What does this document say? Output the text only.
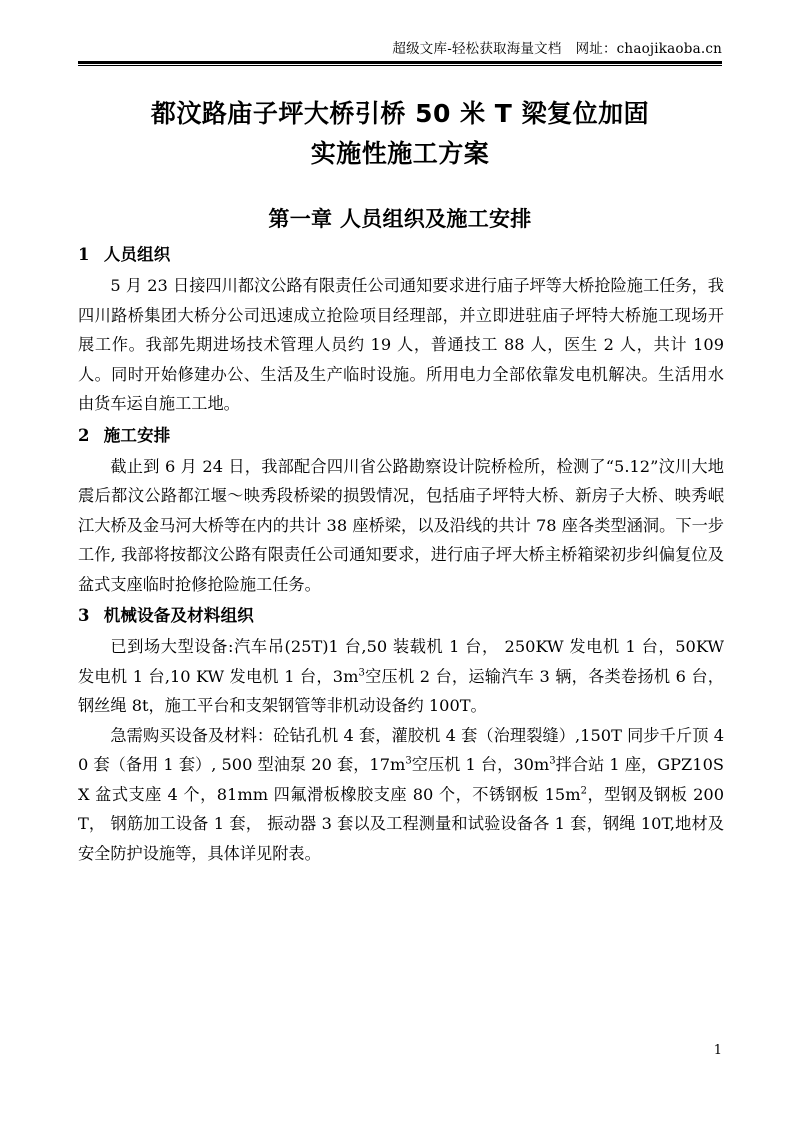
超级文库-轻松获取海量文档 网址：chaojikaoba.cn
都汶路庙子坪大桥引桥 50 米 T 梁复位加固
实施性施工方案
第一章 人员组织及施工安排
1 人员组织

5 月 23 日接四川都汶公路有限责任公司通知要求进行庙子坪等大桥抢险施工任务，我四川路桥集团大桥分公司迅速成立抢险项目经理部，并立即进驻庙子坪特大桥施工现场开展工作。我部先期进场技术管理人员约 19 人，普通技工 88 人，医生 2 人，共计 109 人。同时开始修建办公、生活及生产临时设施。所用电力全部依靠发电机解决。生活用水由货车运自施工工地。

2 施工安排

截止到 6 月 24 日，我部配合四川省公路勘察设计院桥检所，检测了“5.12”汶川大地震后都汶公路都江堰～映秀段桥梁的损毁情况，包括庙子坪特大桥、新房子大桥、映秀岷江大桥及金马河大桥等在内的共计 38 座桥梁，以及沿线的共计 78 座各类型涵洞。下一步工作, 我部将按都汶公路有限责任公司通知要求，进行庙子坪大桥主桥箱梁初步纠偏复位及盆式支座临时抢修抢险施工任务。

3 机械设备及材料组织

已到场大型设备:汽车吊(25T)1 台,50 装载机 1 台， 250KW 发电机 1 台，50KW 发电机 1 台,10 KW 发电机 1 台，$3m^3$空压机 2 台，运输汽车 3 辆，各类卷扬机 6 台，钢丝绳 8t，施工平台和支架钢管等非机动设备约 100T。

急需购买设备及材料：砼钻孔机 4 套，灌胶机 4 套（治理裂缝）,150T 同步千斤顶 40 套（备用 1 套）, 500 型油泵 20 套，$17m^3$空压机 1 台，$30m^3$拌合站 1 座，GPZ10SX 盆式支座 4 个，81mm 四氟滑板橡胶支座 80 个，不锈钢板 $15m^2$，型钢及钢板 200T， 钢筋加工设备 1 套， 振动器 3 套以及工程测量和试验设备各 1 套，钢绳 10T,地材及安全防护设施等，具体详见附表。

1
